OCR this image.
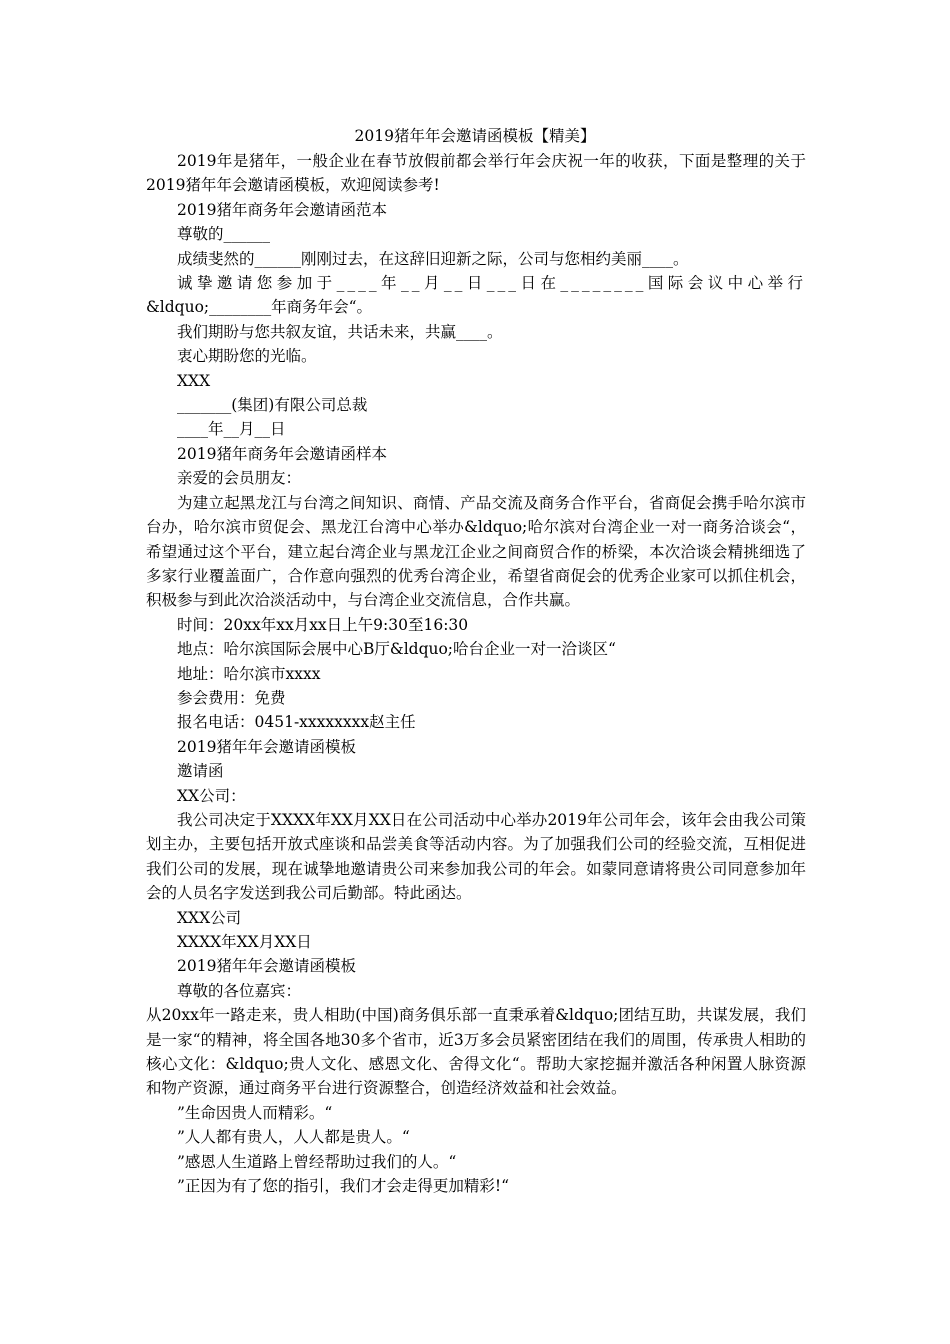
2019猪年年会邀请函模板【精美】

2019年是猪年，一般企业在春节放假前都会举行年会庆祝一年的收获，下面是整理的关于2019猪年年会邀请函模板，欢迎阅读参考!

2019猪年商务年会邀请函范本

尊敬的______

成绩斐然的______刚刚过去，在这辞旧迎新之际，公司与您相约美丽____。

诚挚邀请您参加于____年__月__日___日在________国际会议中心举行

&ldquo;________年商务年会“。

我们期盼与您共叙友谊，共话未来，共赢____。

衷心期盼您的光临。

XXX

_______(集团)有限公司总裁

____年__月__日

2019猪年商务年会邀请函样本

亲爱的会员朋友：

为建立起黑龙江与台湾之间知识、商情、产品交流及商务合作平台，省商促会携手哈尔滨市台办，哈尔滨市贸促会、黑龙江台湾中心举办&ldquo;哈尔滨对台湾企业一对一商务洽谈会“，希望通过这个平台，建立起台湾企业与黑龙江企业之间商贸合作的桥梁，本次洽谈会精挑细选了多家行业覆盖面广，合作意向强烈的优秀台湾企业，希望省商促会的优秀企业家可以抓住机会，积极参与到此次洽淡活动中，与台湾企业交流信息，合作共赢。

时间：20xx年xx月xx日上午9:30至16:30

地点：哈尔滨国际会展中心B厅&ldquo;哈台企业一对一洽谈区“

地址：哈尔滨市xxxx

参会费用：免费

报名电话：0451-xxxxxxxx赵主任

2019猪年年会邀请函模板

邀请函

XX公司：

我公司决定于XXXX年XX月XX日在公司活动中心举办2019年公司年会，该年会由我公司策划主办，主要包括开放式座谈和品尝美食等活动内容。为了加强我们公司的经验交流，互相促进我们公司的发展，现在诚挚地邀请贵公司来参加我公司的年会。如蒙同意请将贵公司同意参加年会的人员名字发送到我公司后勤部。特此函达。

XXX公司

XXXX年XX月XX日

2019猪年年会邀请函模板

尊敬的各位嘉宾：

从20xx年一路走来，贵人相助(中国)商务俱乐部一直秉承着&ldquo;团结互助，共谋发展，我们是一家“的精神，将全国各地30多个省市，近3万多会员紧密团结在我们的周围，传承贵人相助的核心文化：&ldquo;贵人文化、感恩文化、舍得文化“。帮助大家挖掘并激活各种闲置人脉资源和物产资源，通过商务平台进行资源整合，创造经济效益和社会效益。

”生命因贵人而精彩。“

”人人都有贵人，人人都是贵人。“

”感恩人生道路上曾经帮助过我们的人。“

”正因为有了您的指引，我们才会走得更加精彩!“
